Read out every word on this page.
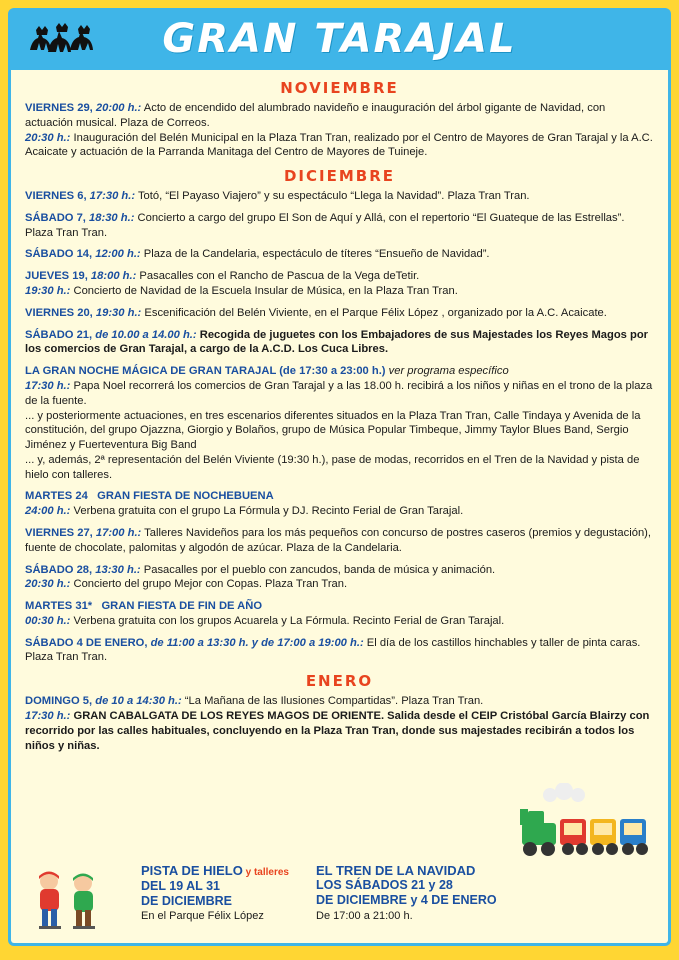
GRAN TARAJAL
NOVIEMBRE

VIERNES 29, 20:00 h.: Acto de encendido del alumbrado navideño e inauguración del árbol gigante de Navidad, con actuación musical. Plaza de Correos.

20:30 h.: Inauguración del Belén Municipal en la Plaza Tran Tran, realizado por el Centro de Mayores de Gran Tarajal y la A.C. Acaicate y actuación de la Parranda Manitaga del Centro de Mayores de Tuineje.

DICIEMBRE

VIERNES 6, 17:30 h.: Totó, “El Payaso Viajero” y su espectáculo “Llega la Navidad”. Plaza Tran Tran.

SÁBADO 7, 18:30 h.: Concierto a cargo del grupo El Son de Aquí y Allá, con el repertorio “El Guateque de las Estrellas”. Plaza Tran Tran.

SÁBADO 14, 12:00 h.: Plaza de la Candelaria, espectáculo de títeres “Ensueño de Navidad”.

JUEVES 19, 18:00 h.: Pasacalles con el Rancho de Pascua de la Vega deTetir.

19:30 h.: Concierto de Navidad de la Escuela Insular de Música, en la Plaza Tran Tran.

VIERNES 20, 19:30 h.: Escenificación del Belén Viviente, en el Parque Félix López , organizado por la A.C. Acaicate.

SÁBADO 21, de 10.00 a 14.00 h.: Recogida de juguetes con los Embajadores de sus Majestades los Reyes Magos por los comercios de Gran Tarajal, a cargo de la A.C.D. Los Cuca Libres.

LA GRAN NOCHE MÁGICA DE GRAN TARAJAL (de 17:30 a 23:00 h.) ver programa específico

17:30 h.: Papa Noel recorrerá los comercios de Gran Tarajal y a las 18.00 h. recibirá a los niños y niñas en el trono de la plaza de la fuente.

... y posteriormente actuaciones, en tres escenarios diferentes situados en la Plaza Tran Tran, Calle Tindaya y Avenida de la constitución, del grupo Ojazzna, Giorgio y Bolaños, grupo de Música Popular Timbeque, Jimmy Taylor Blues Band, Sergio Jiménez y Fuerteventura Big Band

... y, además, 2ª representación del Belén Viviente (19:30 h.), pase de modas, recorridos en el Tren de la Navidad y pista de hielo con talleres.

MARTES 24 GRAN FIESTA DE NOCHEBUENA

24:00 h.: Verbena gratuita con el grupo La Fórmula y DJ. Recinto Ferial de Gran Tarajal.

VIERNES 27, 17:00 h.: Talleres Navideños para los más pequeños con concurso de postres caseros (premios y degustación), fuente de chocolate, palomitas y algodón de azúcar. Plaza de la Candelaria.

SÁBADO 28, 13:30 h.: Pasacalles por el pueblo con zancudos, banda de música y animación.

20:30 h.: Concierto del grupo Mejor con Copas. Plaza Tran Tran.

MARTES 31* GRAN FIESTA DE FIN DE AÑO

00:30 h.: Verbena gratuita con los grupos Acuarela y La Fórmula. Recinto Ferial de Gran Tarajal.

SÁBADO 4 DE ENERO, de 11:00 a 13:30 h. y de 17:00 a 19:00 h.: El día de los castillos hinchables y taller de pinta caras. Plaza Tran Tran.

ENERO

DOMINGO 5, de 10 a 14:30 h.: “La Mañana de las Ilusiones Compartidas”. Plaza Tran Tran.

17:30 h.: GRAN CABALGATA DE LOS REYES MAGOS DE ORIENTE. Salida desde el CEIP Cristóbal García Blairzy con recorrido por las calles habituales, concluyendo en la Plaza Tran Tran, donde sus majestades recibirán a todos los niños y niñas.

PISTA DE HIELO y talleres
DEL 19 AL 31
DE DICIEMBRE
En el Parque Félix López
EL TREN DE LA NAVIDAD
LOS SÁBADOS 21 y 28
DE DICIEMBRE y 4 DE ENERO
De 17:00 a 21:00 h.
